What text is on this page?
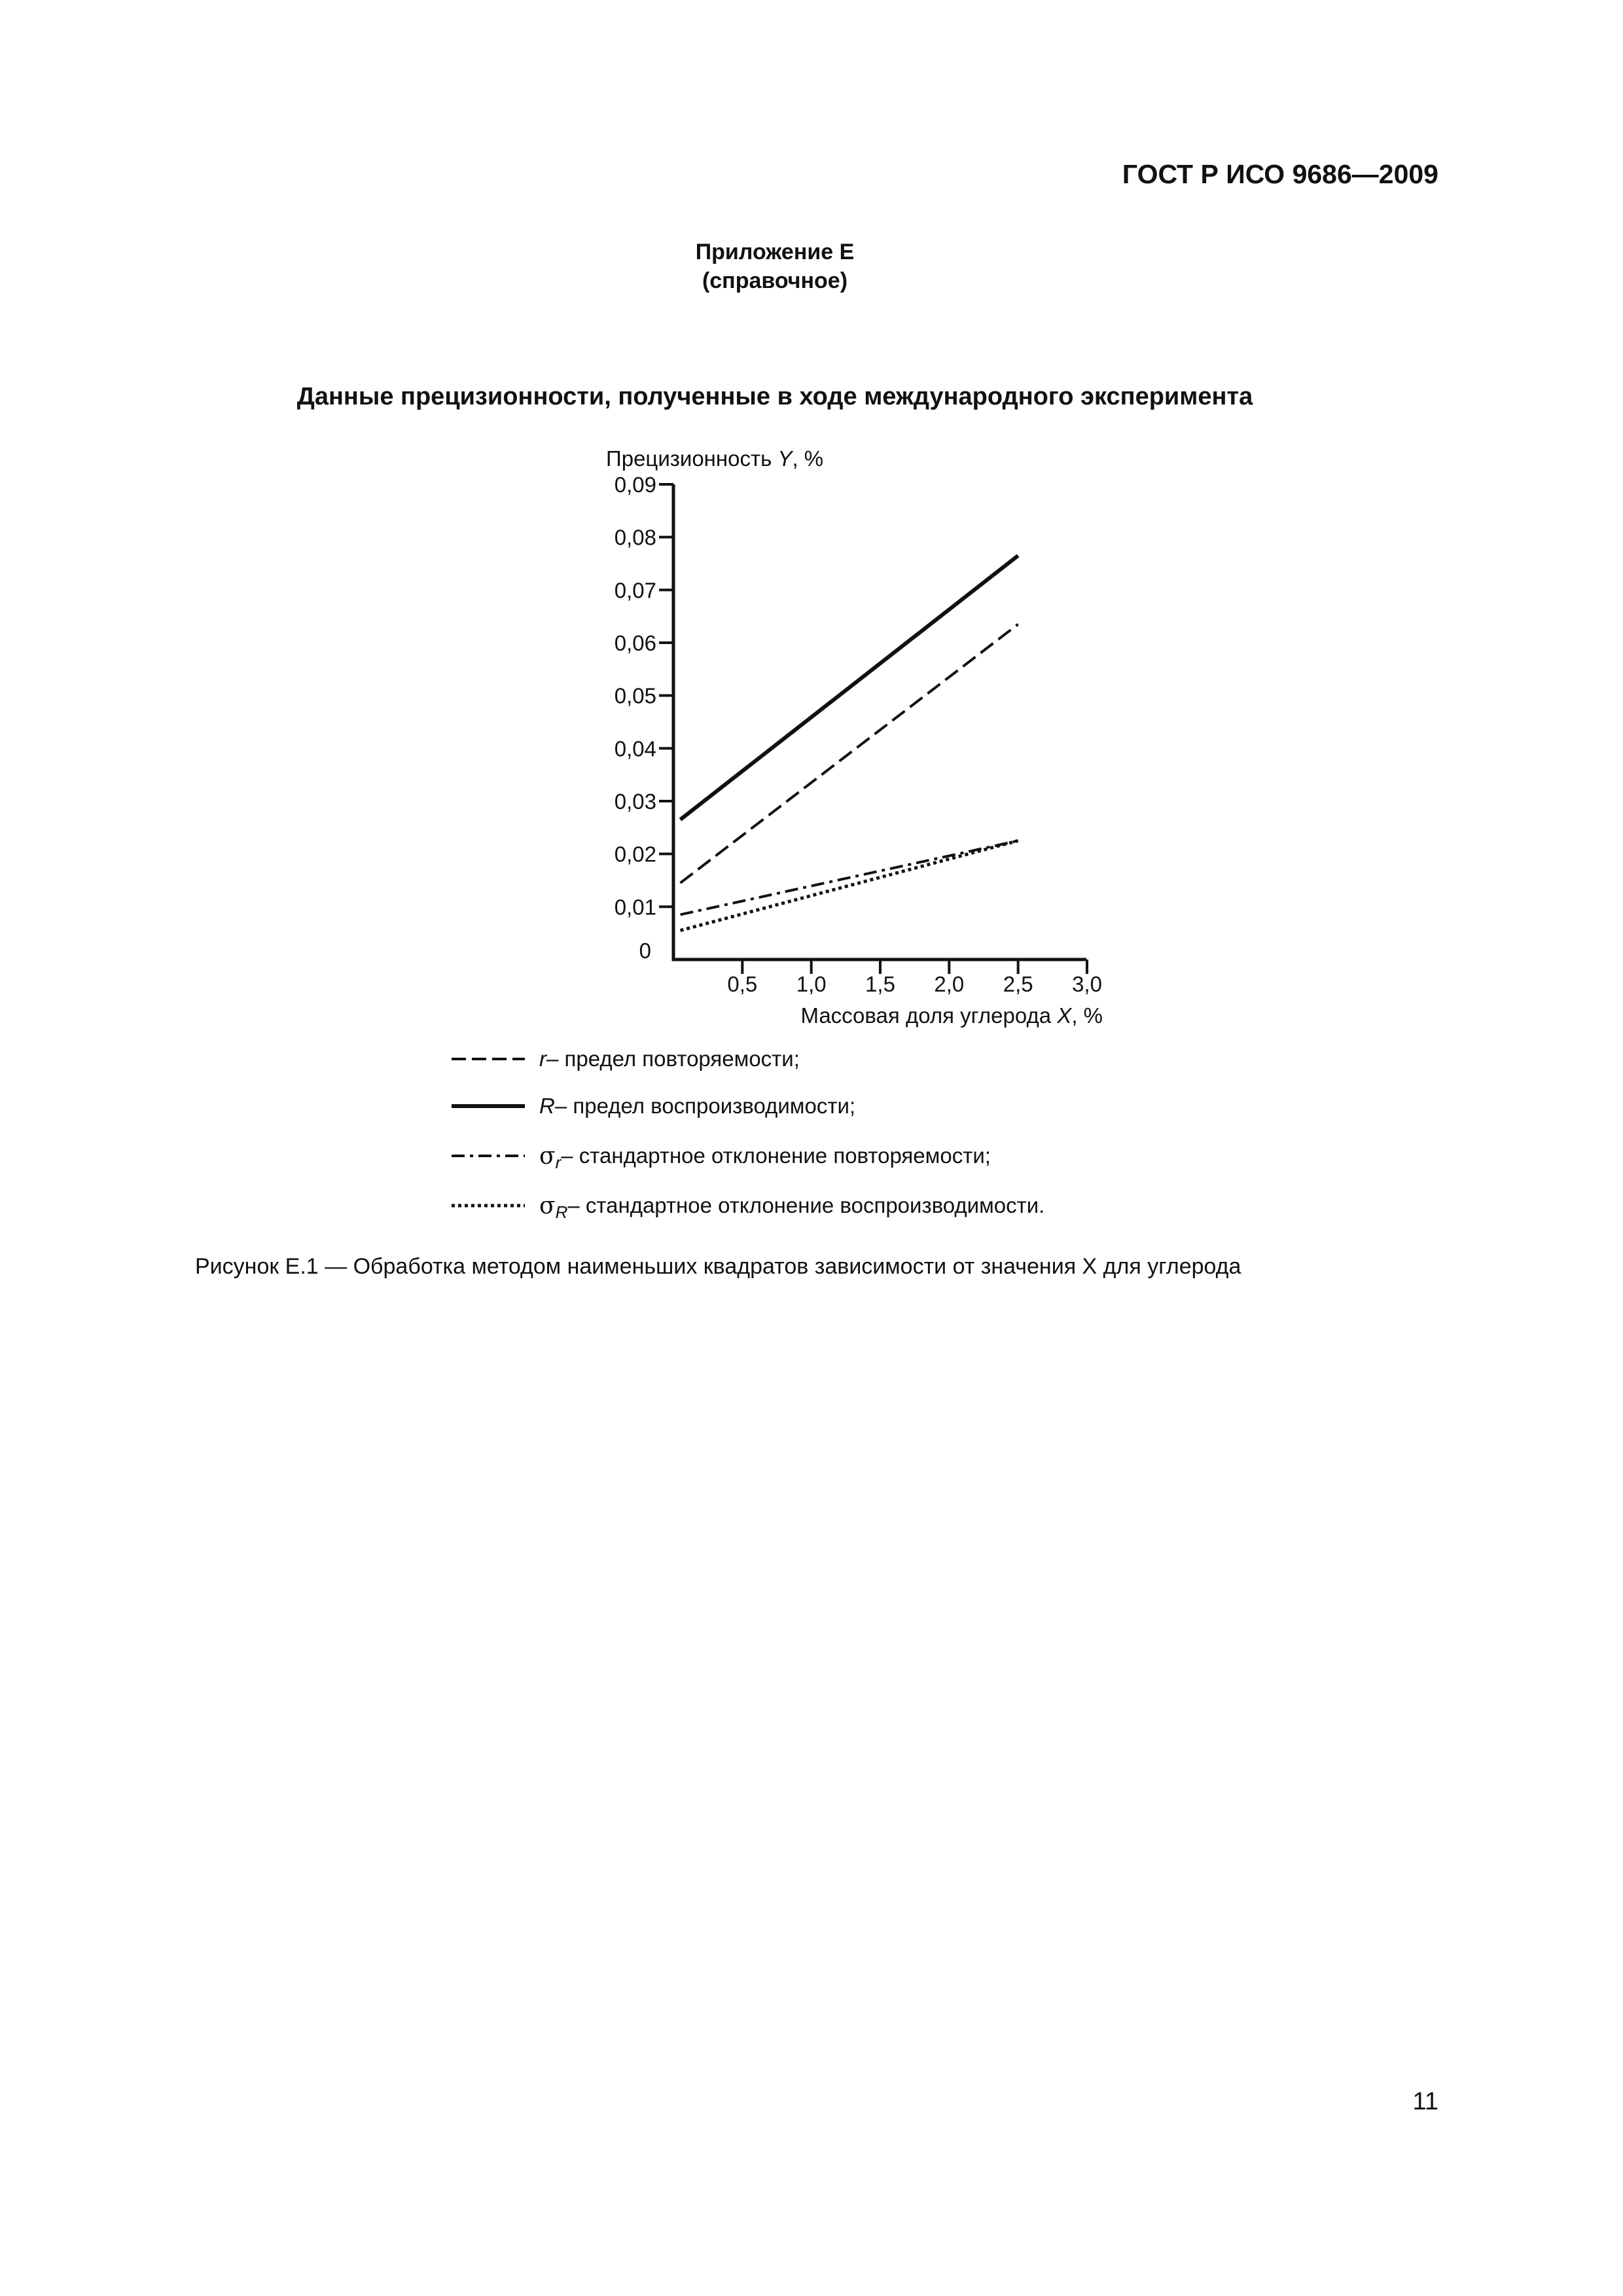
ГОСТ Р ИСО 9686—2009
Приложение Е
(справочное)
Данные прецизионности, полученные в ходе международного эксперимента
Прецизионность Y, %
0
0,01
0,02
0,03
0,04
0,05
0,06
0,07
0,08
0,09
0,5 1,0 1,5 2,0 2,5 3,0
Массовая доля углерода X, %
r – предел повторяемости;
R – предел воспроизводимости;
σ r – стандартное отклонение повторяемости;
σ R – стандартное отклонение воспроизводимости.
Рисунок Е.1 — Обработка методом наименьших квадратов зависимости от значения X для углерода
11
